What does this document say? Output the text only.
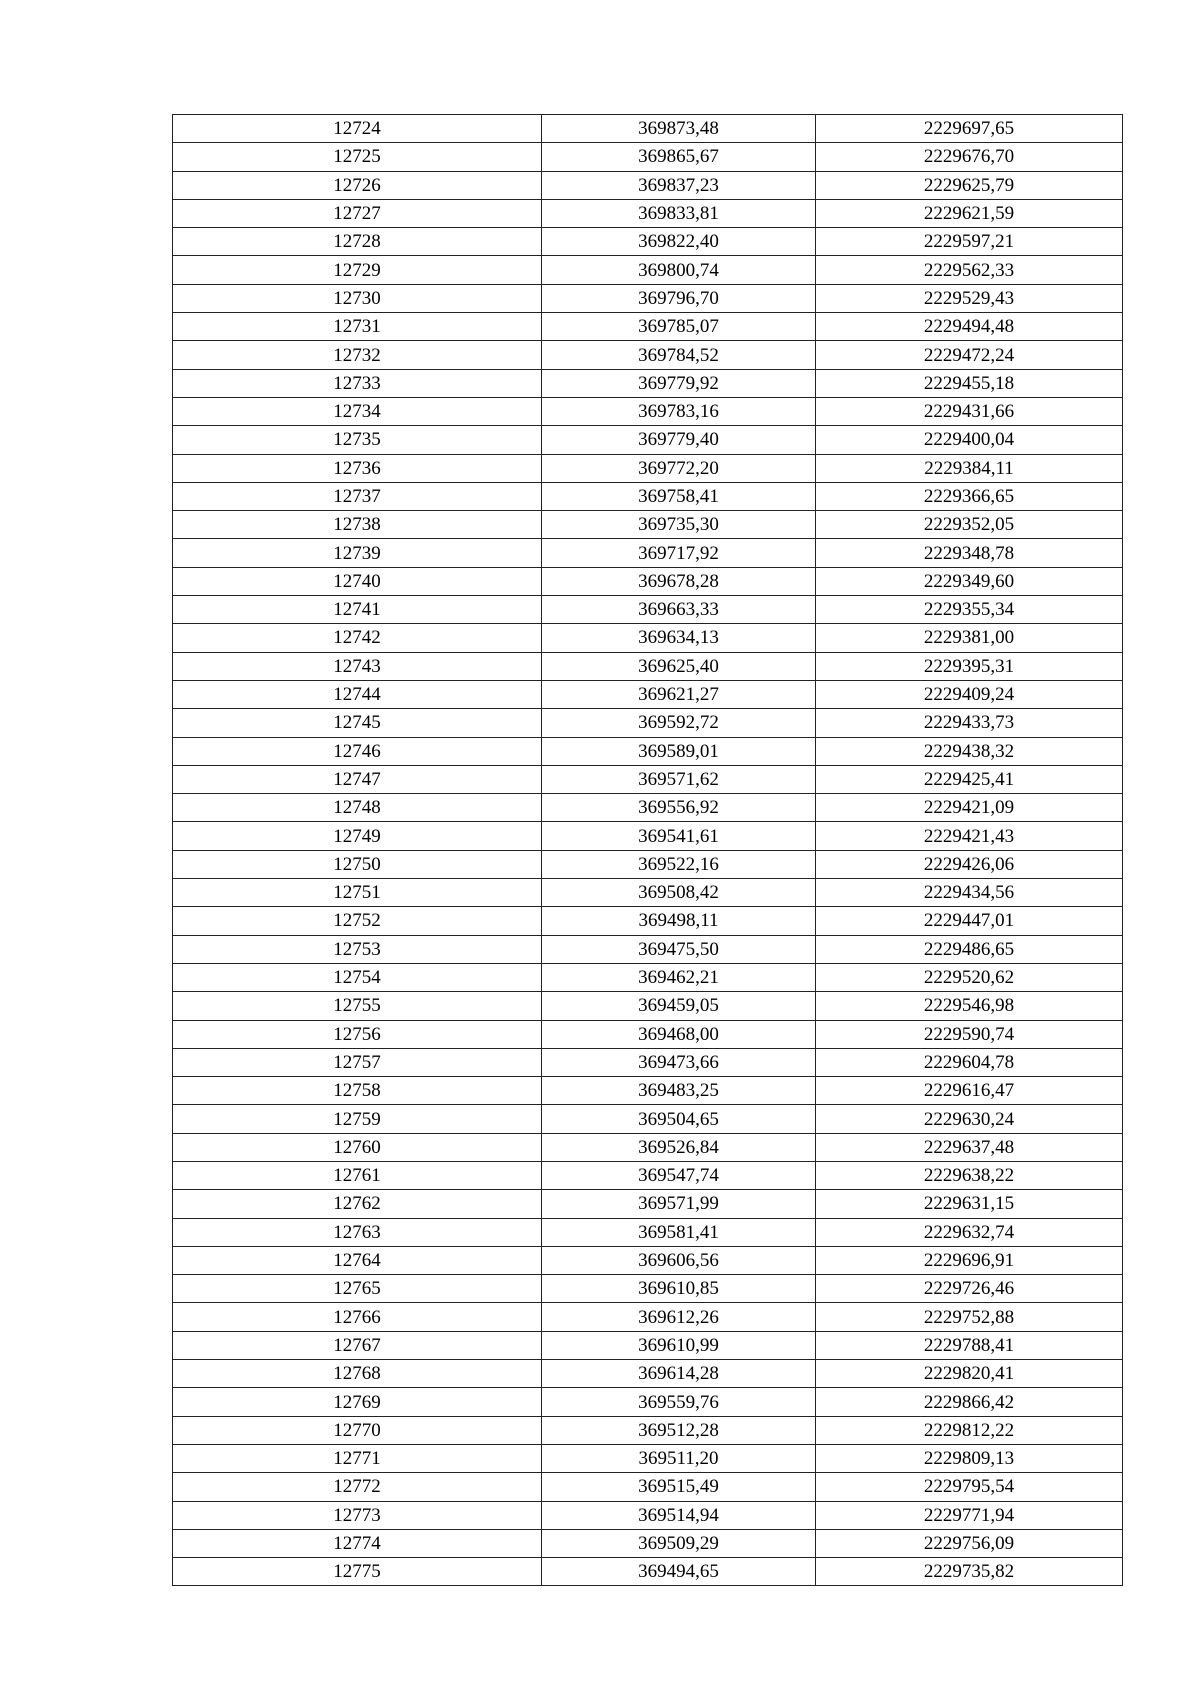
12724	369873,48	2229697,65
12725	369865,67	2229676,70
12726	369837,23	2229625,79
12727	369833,81	2229621,59
12728	369822,40	2229597,21
12729	369800,74	2229562,33
12730	369796,70	2229529,43
12731	369785,07	2229494,48
12732	369784,52	2229472,24
12733	369779,92	2229455,18
12734	369783,16	2229431,66
12735	369779,40	2229400,04
12736	369772,20	2229384,11
12737	369758,41	2229366,65
12738	369735,30	2229352,05
12739	369717,92	2229348,78
12740	369678,28	2229349,60
12741	369663,33	2229355,34
12742	369634,13	2229381,00
12743	369625,40	2229395,31
12744	369621,27	2229409,24
12745	369592,72	2229433,73
12746	369589,01	2229438,32
12747	369571,62	2229425,41
12748	369556,92	2229421,09
12749	369541,61	2229421,43
12750	369522,16	2229426,06
12751	369508,42	2229434,56
12752	369498,11	2229447,01
12753	369475,50	2229486,65
12754	369462,21	2229520,62
12755	369459,05	2229546,98
12756	369468,00	2229590,74
12757	369473,66	2229604,78
12758	369483,25	2229616,47
12759	369504,65	2229630,24
12760	369526,84	2229637,48
12761	369547,74	2229638,22
12762	369571,99	2229631,15
12763	369581,41	2229632,74
12764	369606,56	2229696,91
12765	369610,85	2229726,46
12766	369612,26	2229752,88
12767	369610,99	2229788,41
12768	369614,28	2229820,41
12769	369559,76	2229866,42
12770	369512,28	2229812,22
12771	369511,20	2229809,13
12772	369515,49	2229795,54
12773	369514,94	2229771,94
12774	369509,29	2229756,09
12775	369494,65	2229735,82
